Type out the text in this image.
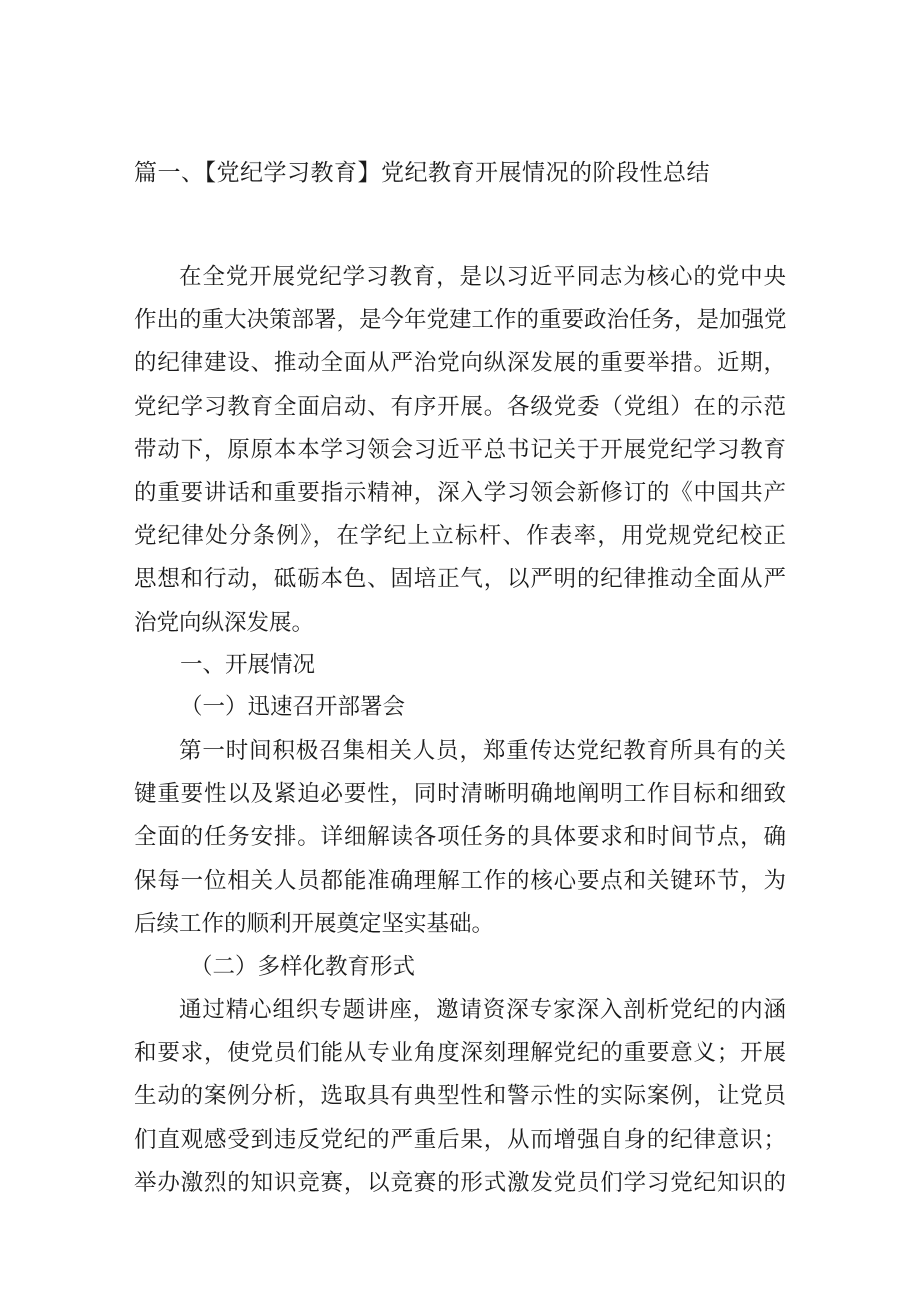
篇一、【党纪学习教育】党纪教育开展情况的阶段性总结
在全党开展党纪学习教育，是以习近平同志为核心的党中央
作出的重大决策部署，是今年党建工作的重要政治任务，是加强党
的纪律建设、推动全面从严治党向纵深发展的重要举措。近期，
党纪学习教育全面启动、有序开展。各级党委（党组）在的示范
带动下，原原本本学习领会习近平总书记关于开展党纪学习教育
的重要讲话和重要指示精神，深入学习领会新修订的《中国共产
党纪律处分条例》，在学纪上立标杆、作表率，用党规党纪校正
思想和行动，砥砺本色、固培正气，以严明的纪律推动全面从严
治党向纵深发展。
一、开展情况
（一）迅速召开部署会
第一时间积极召集相关人员，郑重传达党纪教育所具有的关
键重要性以及紧迫必要性，同时清晰明确地阐明工作目标和细致
全面的任务安排。详细解读各项任务的具体要求和时间节点，确
保每一位相关人员都能准确理解工作的核心要点和关键环节，为
后续工作的顺利开展奠定坚实基础。
（二）多样化教育形式
通过精心组织专题讲座，邀请资深专家深入剖析党纪的内涵
和要求，使党员们能从专业角度深刻理解党纪的重要意义；开展
生动的案例分析，选取具有典型性和警示性的实际案例，让党员
们直观感受到违反党纪的严重后果，从而增强自身的纪律意识；
举办激烈的知识竞赛，以竞赛的形式激发党员们学习党纪知识的
